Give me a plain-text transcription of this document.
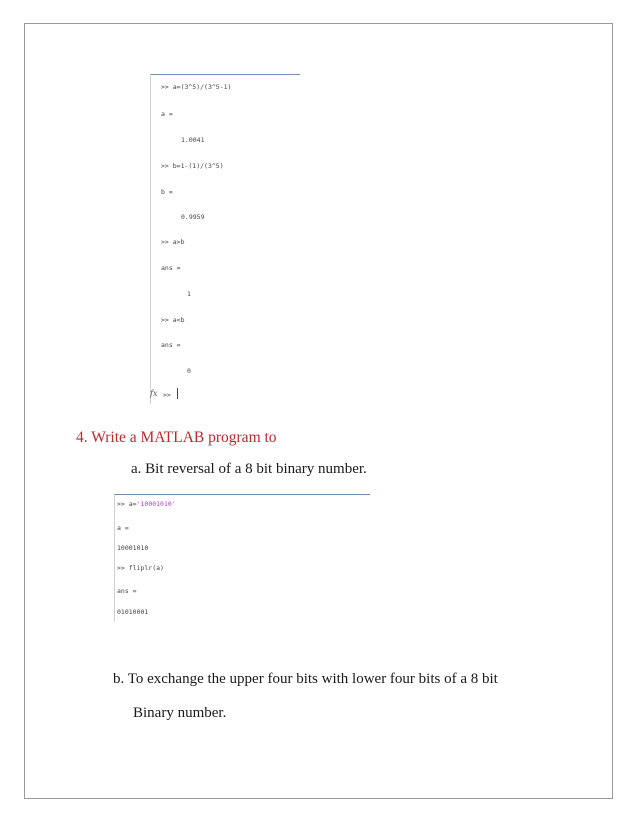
>> a=(3^5)/(3^5-1)
a =
1.0041
>> b=1-(1)/(3^5)
b =
0.9959
>> a>b
ans =
1
>> a<b
ans =
0
fx >>
4. Write a MATLAB program to
a. Bit reversal of a 8 bit binary number.
>> a='10001010'
a =
10001010
>> fliplr(a)
ans =
01010001
b. To exchange the upper four bits with lower four bits of a 8 bit
Binary number.
